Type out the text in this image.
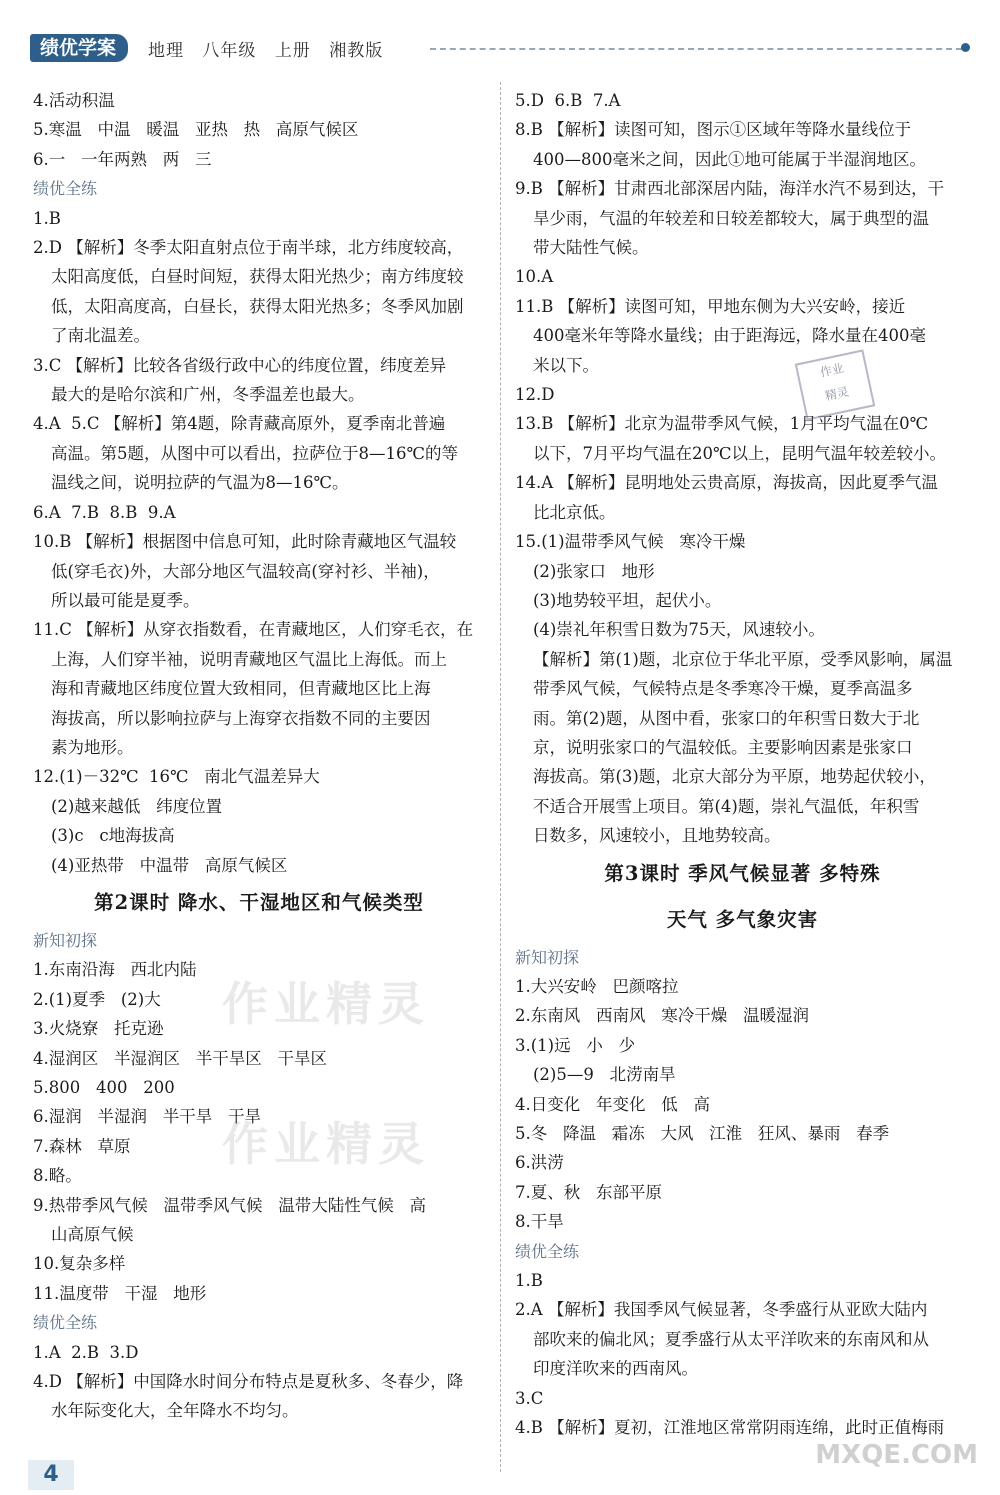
绩优学案	地理 八年级 上册 湘教版
4.活动积温
5.寒温   中温   暖温   亚热   热   高原气候区
6.一   一年两熟   两   三
绩优全练
1.B
2.D 【解析】冬季太阳直射点位于南半球，北方纬度较高，
太阳高度低，白昼时间短，获得太阳光热少；南方纬度较
低，太阳高度高，白昼长，获得太阳光热多；冬季风加剧
了南北温差。
3.C 【解析】比较各省级行政中心的纬度位置，纬度差异
最大的是哈尔滨和广州，冬季温差也最大。
4.A  5.C 【解析】第4题，除青藏高原外，夏季南北普遍
高温。第5题，从图中可以看出，拉萨位于8—16℃的等
温线之间，说明拉萨的气温为8—16℃。
6.A  7.B  8.B  9.A
10.B 【解析】根据图中信息可知，此时除青藏地区气温较
低(穿毛衣)外，大部分地区气温较高(穿衬衫、半袖)，
所以最可能是夏季。
11.C 【解析】从穿衣指数看，在青藏地区，人们穿毛衣，在
上海，人们穿半袖，说明青藏地区气温比上海低。而上
海和青藏地区纬度位置大致相同，但青藏地区比上海
海拔高，所以影响拉萨与上海穿衣指数不同的主要因
素为地形。
12.(1)－32℃  16℃   南北气温差异大
(2)越来越低   纬度位置
(3)c   c地海拔高
(4)亚热带   中温带   高原气候区
第2课时 降水、干湿地区和气候类型
新知初探
1.东南沿海   西北内陆
2.(1)夏季   (2)大
3.火烧寮   托克逊
4.湿润区   半湿润区   半干旱区   干旱区
5.800   400   200
6.湿润   半湿润   半干旱   干旱
7.森林   草原
8.略。
9.热带季风气候   温带季风气候   温带大陆性气候   高
山高原气候
10.复杂多样
11.温度带   干湿   地形
绩优全练
1.A  2.B  3.D
4.D 【解析】中国降水时间分布特点是夏秋多、冬春少，降
水年际变化大，全年降水不均匀。
5.D  6.B  7.A
8.B 【解析】读图可知，图示①区域年等降水量线位于
400—800毫米之间，因此①地可能属于半湿润地区。
9.B 【解析】甘肃西北部深居内陆，海洋水汽不易到达，干
旱少雨，气温的年较差和日较差都较大，属于典型的温
带大陆性气候。
10.A
11.B 【解析】读图可知，甲地东侧为大兴安岭，接近
400毫米年等降水量线；由于距海远，降水量在400毫
米以下。
12.D
13.B 【解析】北京为温带季风气候，1月平均气温在0℃
以下，7月平均气温在20℃以上，昆明气温年较差较小。
14.A 【解析】昆明地处云贵高原，海拔高，因此夏季气温
比北京低。
15.(1)温带季风气候   寒冷干燥
(2)张家口   地形
(3)地势较平坦，起伏小。
(4)崇礼年积雪日数为75天，风速较小。
【解析】第(1)题，北京位于华北平原，受季风影响，属温
带季风气候，气候特点是冬季寒冷干燥，夏季高温多
雨。第(2)题，从图中看，张家口的年积雪日数大于北
京，说明张家口的气温较低。主要影响因素是张家口
海拔高。第(3)题，北京大部分为平原，地势起伏较小，
不适合开展雪上项目。第(4)题，崇礼气温低，年积雪
日数多，风速较小，且地势较高。
第3课时 季风气候显著 多特殊
天气 多气象灾害
新知初探
1.大兴安岭   巴颜喀拉
2.东南风   西南风   寒冷干燥   温暖湿润
3.(1)远   小   少
(2)5—9   北涝南旱
4.日变化   年变化   低   高
5.冬   降温   霜冻   大风   江淮   狂风、暴雨   春季
6.洪涝
7.夏、秋   东部平原
8.干旱
绩优全练
1.B
2.A 【解析】我国季风气候显著，冬季盛行从亚欧大陆内
部吹来的偏北风；夏季盛行从太平洋吹来的东南风和从
印度洋吹来的西南风。
3.C
4.B 【解析】夏初，江淮地区常常阴雨连绵，此时正值梅雨
作业精灵
作业精灵
作业
精灵
4
MXQE.COM
